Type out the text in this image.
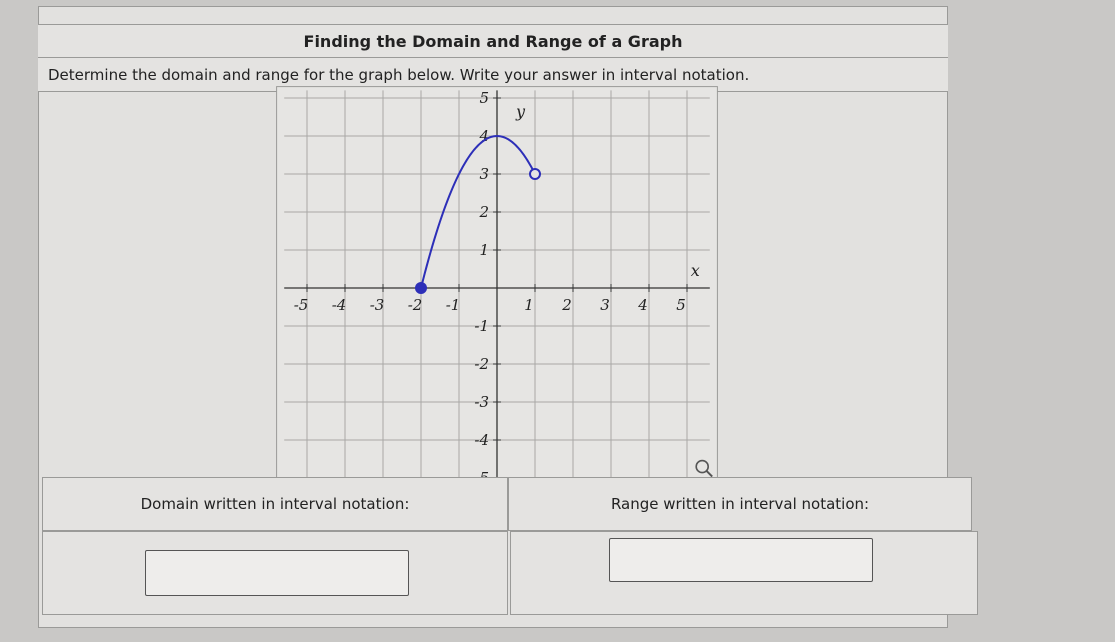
Finding the Domain and Range of a Graph
Determine the domain and range for the graph below. Write your answer in interval notation.
-5 -4 -3 -2 -1	1 2 3 4 5
5
4
3
2
1
-1
-2
-3
-4
x
y
Domain written in interval notation:	Range written in interval notation:
